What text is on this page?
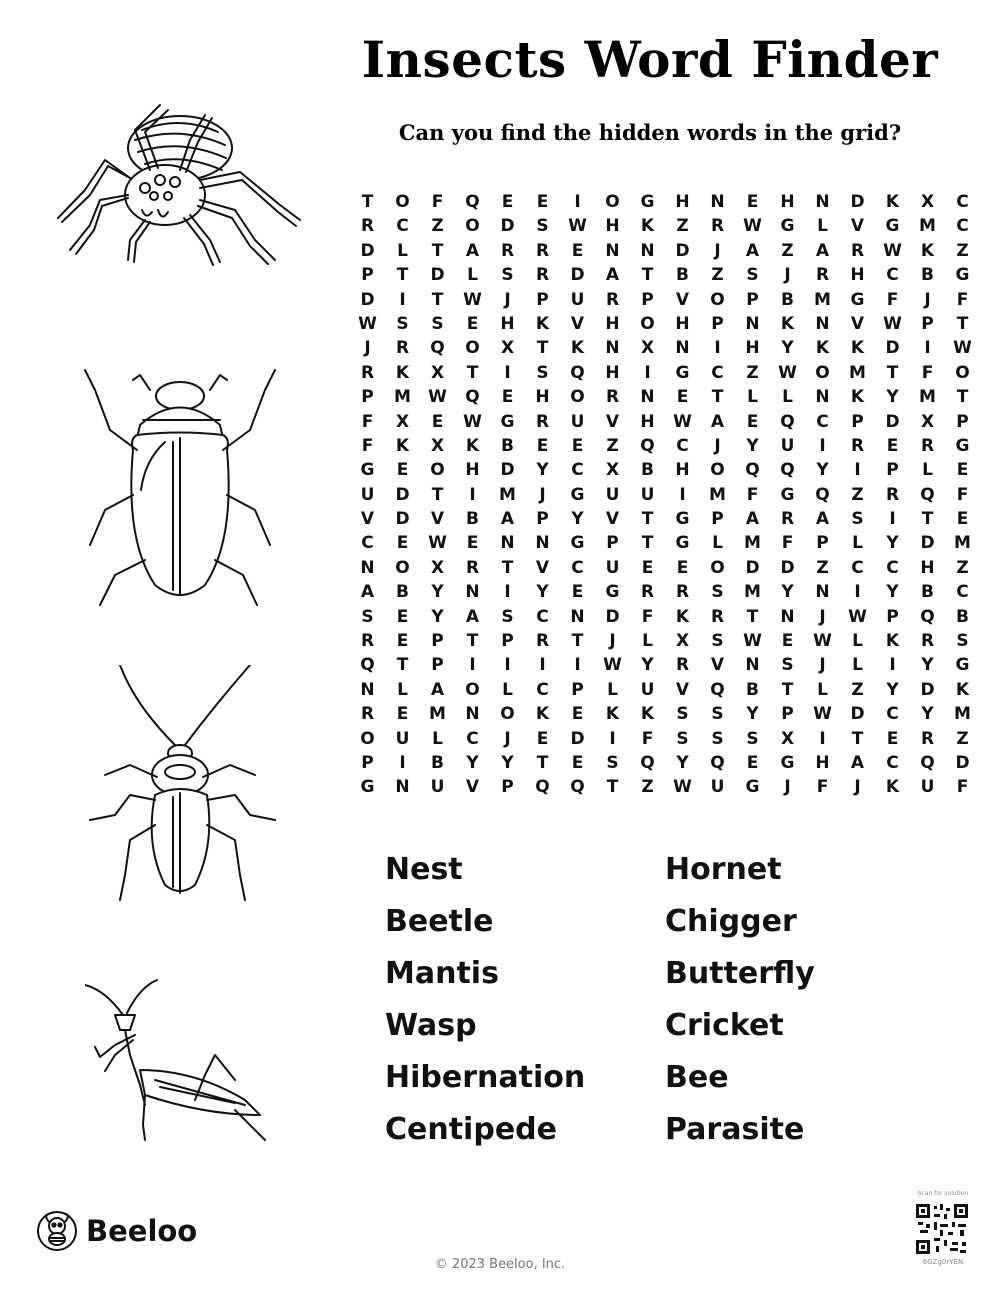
Insects Word Finder
Can you find the hidden words in the grid?
T	O	F	Q	E	E	I	O	G	H	N	E	H	N	D	K	X	C
R	C	Z	O	D	S	W	H	K	Z	R	W	G	L	V	G	M	C
D	L	T	A	R	R	E	N	N	D	J	A	Z	A	R	W	K	Z
P	T	D	L	S	R	D	A	T	B	Z	S	J	R	H	C	B	G
D	I	T	W	J	P	U	R	P	V	O	P	B	M	G	F	J	F
W	S	S	E	H	K	V	H	O	H	P	N	K	N	V	W	P	T
J	R	Q	O	X	T	K	N	X	N	I	H	Y	K	K	D	I	W
R	K	X	T	I	S	Q	H	I	G	C	Z	W	O	M	T	F	O
P	M	W	Q	E	H	O	R	N	E	T	L	L	N	K	Y	M	T
F	X	E	W	G	R	U	V	H	W	A	E	Q	C	P	D	X	P
F	K	X	K	B	E	E	Z	Q	C	J	Y	U	I	R	E	R	G
G	E	O	H	D	Y	C	X	B	H	O	Q	Q	Y	I	P	L	E
U	D	T	I	M	J	G	U	U	I	M	F	G	Q	Z	R	Q	F
V	D	V	B	A	P	Y	V	T	G	P	A	R	A	S	I	T	E
C	E	W	E	N	N	G	P	T	G	L	M	F	P	L	Y	D	M
N	O	X	R	T	V	C	U	E	E	O	D	D	Z	C	C	H	Z
A	B	Y	N	I	Y	E	G	R	R	S	M	Y	N	I	Y	B	C
S	E	Y	A	S	C	N	D	F	K	R	T	N	J	W	P	Q	B
R	E	P	T	P	R	T	J	L	X	S	W	E	W	L	K	R	S
Q	T	P	I	I	I	I	W	Y	R	V	N	S	J	L	I	Y	G
N	L	A	O	L	C	P	L	U	V	Q	B	T	L	Z	Y	D	K
R	E	M	N	O	K	E	K	K	S	S	Y	P	W	D	C	Y	M
O	U	L	C	J	E	D	I	F	S	S	S	X	I	T	E	R	Z
P	I	B	Y	Y	T	E	S	Q	Y	Q	E	G	H	A	C	Q	D
G	N	U	V	P	Q	Q	T	Z	W	U	G	J	F	J	K	U	F
Nest
Beetle
Mantis
Wasp
Hibernation
Centipede
Hornet
Chigger
Butterfly
Cricket
Bee
Parasite
Beeloo
Scan for solution
6GZg0rYEN
© 2023 Beeloo, Inc.
